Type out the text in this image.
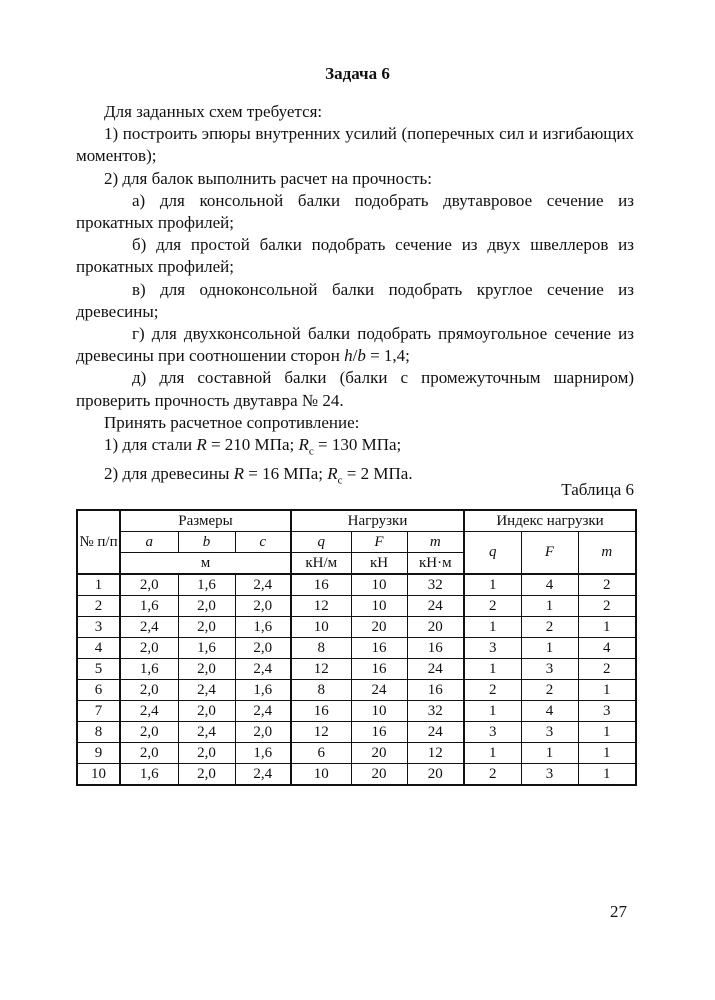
Задача 6

Для заданных схем требуется:

1) построить эпюры внутренних усилий (поперечных сил и изгибающих моментов);

2) для балок выполнить расчет на прочность:

а) для консольной балки подобрать двутавровое сечение из прокатных профилей;

б) для простой балки подобрать сечение из двух швеллеров из прокатных профилей;

в) для одноконсольной балки подобрать круглое сечение из древесины;

г) для двухконсольной балки подобрать прямоугольное сечение из древесины при соотношении сторон h/b = 1,4;

д) для составной балки (балки с промежуточным шарниром) проверить прочность двутавра № 24.

Принять расчетное сопротивление:

1) для стали R = 210 МПа; $R_c = 130$ МПа;

2) для древесины R = 16 МПа; $R_c = 2$ МПа.

Таблица 6
№ п/п	Размеры			Нагрузки			Индекс нагрузки		
	a	b	c	q	F	m	q	F	m
	м			кН/м	кН	кН·м			
1	2,0	1,6	2,4	16	10	32	1	4	2
2	1,6	2,0	2,0	12	10	24	2	1	2
3	2,4	2,0	1,6	10	20	20	1	2	1
4	2,0	1,6	2,0	8	16	16	3	1	4
5	1,6	2,0	2,4	12	16	24	1	3	2
6	2,0	2,4	1,6	8	24	16	2	2	1
7	2,4	2,0	2,4	16	10	32	1	4	3
8	2,0	2,4	2,0	12	16	24	3	3	1
9	2,0	2,0	1,6	6	20	12	1	1	1
10	1,6	2,0	2,4	10	20	20	2	3	1
27
